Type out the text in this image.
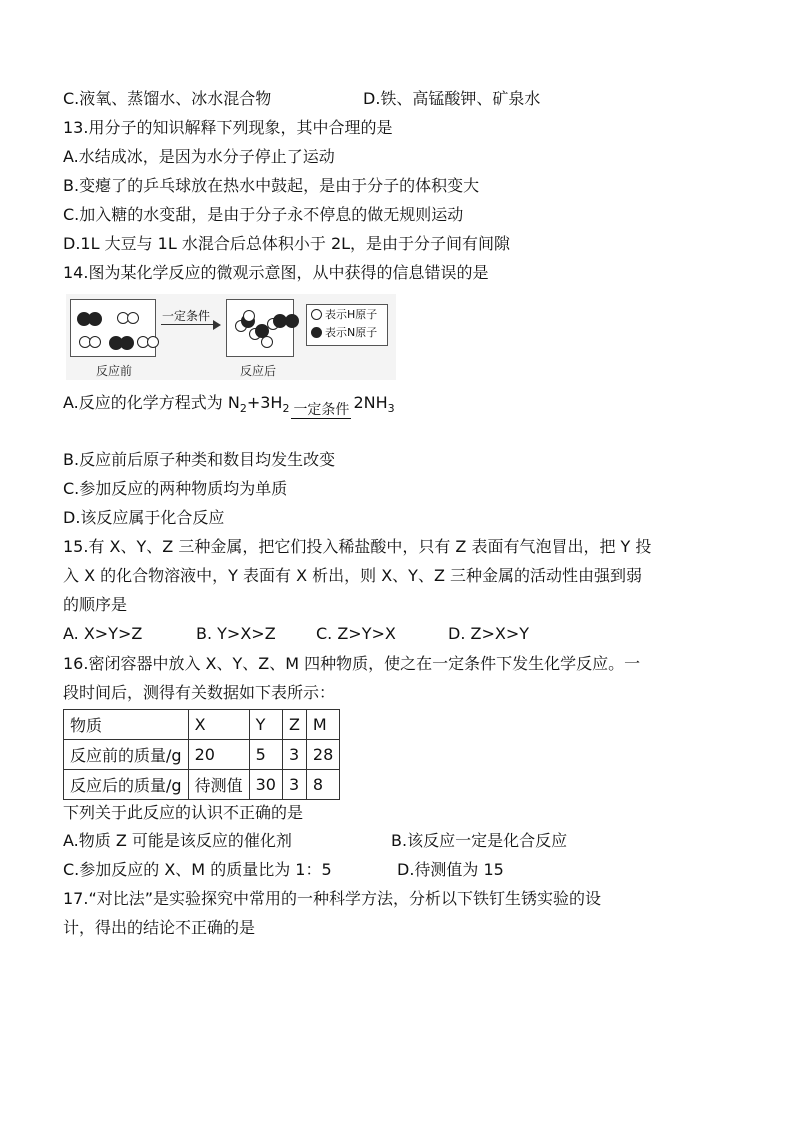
C.液氧、蒸馏水、冰水混合物	D.铁、高锰酸钾、矿泉水
13.用分子的知识解释下列现象，其中合理的是
A.水结成冰，是因为水分子停止了运动
B.变瘪了的乒乓球放在热水中鼓起，是由于分子的体积变大
C.加入糖的水变甜，是由于分子永不停息的做无规则运动
D.1L 大豆与 1L 水混合后总体积小于 2L，是由于分子间有间隙
14.图为某化学反应的微观示意图，从中获得的信息错误的是
一定条件	表示H原子
表示N原子
反应前	反应后
A.反应的化学方程式为 $N_2+3H_2$ 一定条件 $2NH_3$
B.反应前后原子种类和数目均发生改变
C.参加反应的两种物质均为单质
D.该反应属于化合反应
15.有 X、Y、Z 三种金属，把它们投入稀盐酸中，只有 Z 表面有气泡冒出，把 Y 投
入 X 的化合物溶液中，Y 表面有 X 析出，则 X、Y、Z 三种金属的活动性由强到弱
的顺序是
A. X>Y>Z	B. Y>X>Z	C. Z>Y>X	D. Z>X>Y
16.密闭容器中放入 X、Y、Z、M 四种物质，使之在一定条件下发生化学反应。一
段时间后，测得有关数据如下表所示：
物质	X	Y	Z	M
反应前的质量/g	20	5	3	28
反应后的质量/g	待测值	30	3	8
下列关于此反应的认识不正确的是
A.物质 Z 可能是该反应的催化剂	B.该反应一定是化合反应
C.参加反应的 X、M 的质量比为 1：5	D.待测值为 15
17.“对比法”是实验探究中常用的一种科学方法，分析以下铁钉生锈实验的设
计，得出的结论不正确的是
